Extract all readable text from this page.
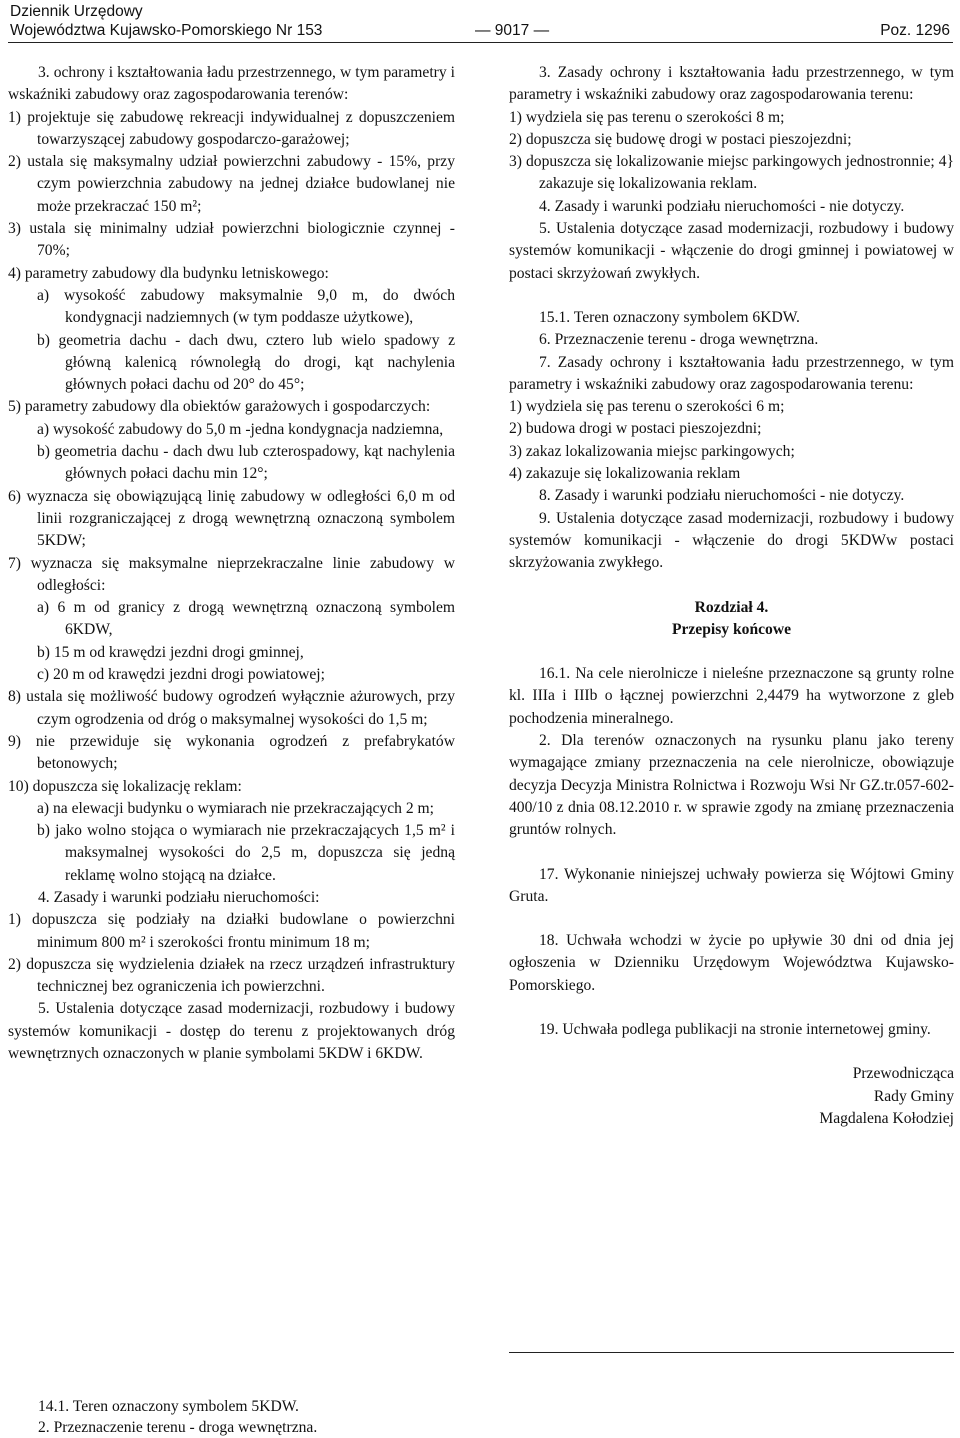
Dziennik Urzędowy
Województwa Kujawsko-Pomorskiego Nr 153	— 9017 —	Poz. 1296

3. ochrony i kształtowania ładu przestrzennego, w tym parametry i wskaźniki zabudowy oraz zagospodarowania terenów:

1) projektuje się zabudowę rekreacji indywidualnej z dopuszczeniem towarzyszącej zabudowy gospodarczo-garażowej;

2) ustala się maksymalny udział powierzchni zabudowy - 15%, przy czym powierzchnia zabudowy na jednej działce budowlanej nie może przekraczać 150 m²;

3) ustala się minimalny udział powierzchni biologicznie czynnej - 70%;

4) parametry zabudowy dla budynku letniskowego:

a) wysokość zabudowy maksymalnie 9,0 m, do dwóch kondygnacji nadziemnych (w tym poddasze użytkowe),

b) geometria dachu - dach dwu, cztero lub wielo spadowy z główną kalenicą równoległą do drogi, kąt nachylenia głównych połaci dachu od 20° do 45°;

5) parametry zabudowy dla obiektów garażowych i gospodarczych:

a) wysokość zabudowy do 5,0 m -jedna kondygnacja nadziemna,

b) geometria dachu - dach dwu lub czterospadowy, kąt nachylenia głównych połaci dachu min 12°;

6) wyznacza się obowiązującą linię zabudowy w odległości 6,0 m od linii rozgraniczającej z drogą wewnętrzną oznaczoną symbolem 5KDW;

7) wyznacza się maksymalne nieprzekraczalne linie zabudowy w odległości:

a) 6 m od granicy z drogą wewnętrzną oznaczoną symbolem 6KDW,

b) 15 m od krawędzi jezdni drogi gminnej,

c) 20 m od krawędzi jezdni drogi powiatowej;

8) ustala się możliwość budowy ogrodzeń wyłącznie ażurowych, przy czym ogrodzenia od dróg o maksymalnej wysokości do 1,5 m;

9) nie przewiduje się wykonania ogrodzeń z prefabrykatów betonowych;

10) dopuszcza się lokalizację reklam:

a) na elewacji budynku o wymiarach nie przekraczających 2 m;

b) jako wolno stojąca o wymiarach nie przekraczających 1,5 m² i maksymalnej wysokości do 2,5 m, dopuszcza się jedną reklamę wolno stojącą na działce.

4. Zasady i warunki podziału nieruchomości:

1) dopuszcza się podziały na działki budowlane o powierzchni minimum 800 m² i szerokości frontu minimum 18 m;

2) dopuszcza się wydzielenia działek na rzecz urządzeń infrastruktury technicznej bez ograniczenia ich powierzchni.

5. Ustalenia dotyczące zasad modernizacji, rozbudowy i budowy systemów komunikacji - dostęp do terenu z projektowanych dróg wewnętrznych oznaczonych w planie symbolami 5KDW i 6KDW.

3. Zasady ochrony i kształtowania ładu przestrzennego, w tym parametry i wskaźniki zabudowy oraz zagospodarowania terenu:

1) wydziela się pas terenu o szerokości 8 m;

2) dopuszcza się budowę drogi w postaci pieszojezdni;

3) dopuszcza się lokalizowanie miejsc parkingowych jednostronnie; 4} zakazuje się lokalizowania reklam.

4. Zasady i warunki podziału nieruchomości - nie dotyczy.

5. Ustalenia dotyczące zasad modernizacji, rozbudowy i budowy systemów komunikacji - włączenie do drogi gminnej i powiatowej w postaci skrzyżowań zwykłych.

15.1. Teren oznaczony symbolem 6KDW.

6. Przeznaczenie terenu - droga wewnętrzna.

7. Zasady ochrony i kształtowania ładu przestrzennego, w tym parametry i wskaźniki zabudowy oraz zagospodarowania terenu:

1) wydziela się pas terenu o szerokości 6 m;

2) budowa drogi w postaci pieszojezdni;

3) zakaz lokalizowania miejsc parkingowych;

4) zakazuje się lokalizowania reklam

8. Zasady i warunki podziału nieruchomości - nie dotyczy.

9. Ustalenia dotyczące zasad modernizacji, rozbudowy i budowy systemów komunikacji - włączenie do drogi 5KDWw postaci skrzyżowania zwykłego.

Rozdział 4.

Przepisy końcowe

16.1. Na cele nierolnicze i nieleśne przeznaczone są grunty rolne kl. IIIa i IIIb o łącznej powierzchni 2,4479 ha wytworzone z gleb pochodzenia mineralnego.

2. Dla terenów oznaczonych na rysunku planu jako tereny wymagające zmiany przeznaczenia na cele nierolnicze, obowiązuje decyzja Decyzja Ministra Rolnictwa i Rozwoju Wsi Nr GZ.tr.057-602-400/10 z dnia 08.12.2010 r. w sprawie zgody na zmianę przeznaczenia gruntów rolnych.

17. Wykonanie niniejszej uchwały powierza się Wójtowi Gminy Gruta.

18. Uchwała wchodzi w życie po upływie 30 dni od dnia jej ogłoszenia w Dzienniku Urzędowym Województwa Kujawsko-Pomorskiego.

19. Uchwała podlega publikacji na stronie internetowej gminy.

Przewodnicząca

Rady Gminy

Magdalena Kołodziej

14.1. Teren oznaczony symbolem 5KDW.

2. Przeznaczenie terenu - droga wewnętrzna.
